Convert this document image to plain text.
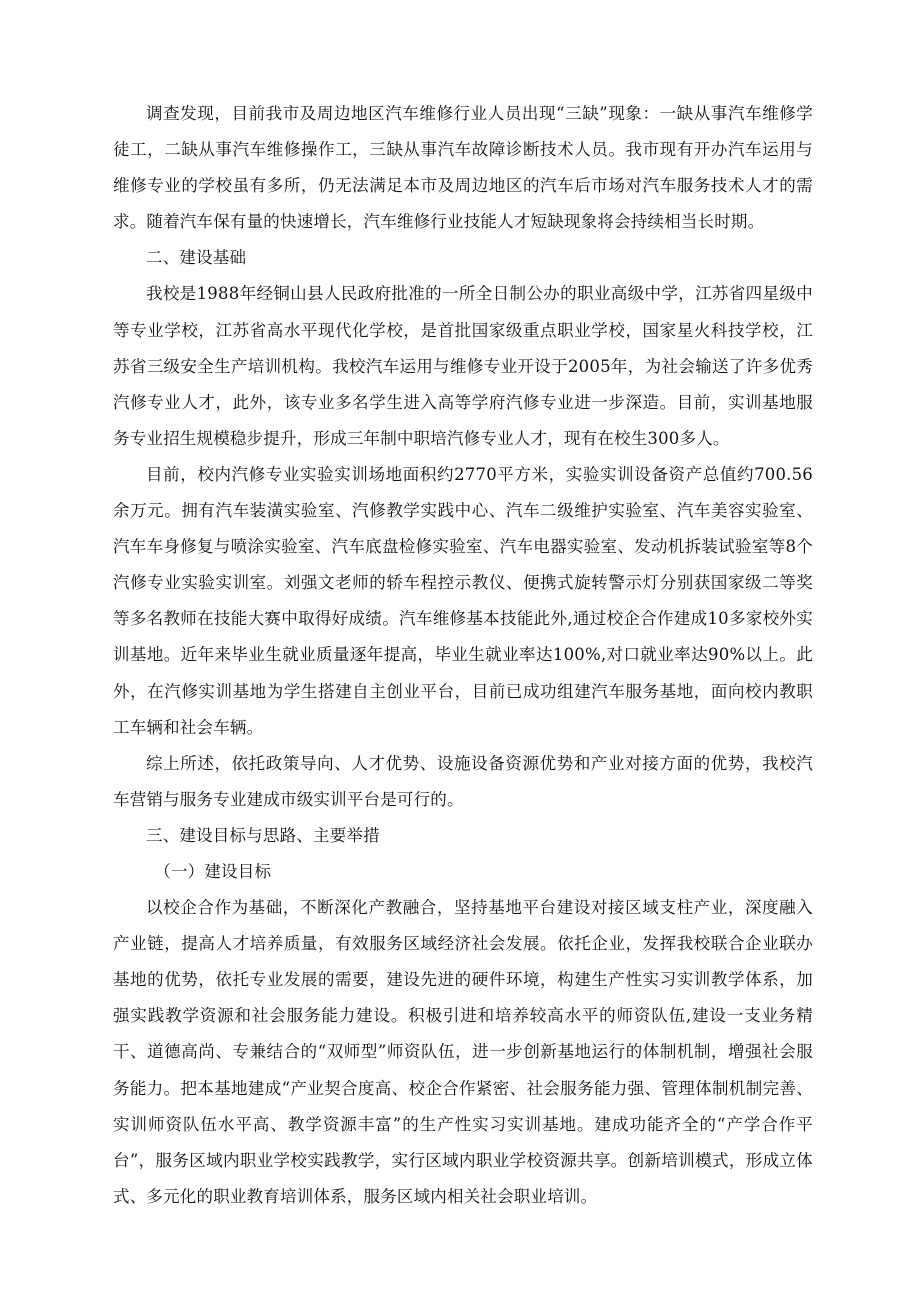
调查发现，目前我市及周边地区汽车维修行业人员出现“三缺”现象：一缺从事汽车维修学徒工，二缺从事汽车维修操作工，三缺从事汽车故障诊断技术人员。我市现有开办汽车运用与维修专业的学校虽有多所，仍无法满足本市及周边地区的汽车后市场对汽车服务技术人才的需求。随着汽车保有量的快速增长，汽车维修行业技能人才短缺现象将会持续相当长时期。

二、建设基础

我校是1988年经铜山县人民政府批准的一所全日制公办的职业高级中学，江苏省四星级中等专业学校，江苏省高水平现代化学校，是首批国家级重点职业学校，国家星火科技学校，江苏省三级安全生产培训机构。我校汽车运用与维修专业开设于2005年，为社会输送了许多优秀汽修专业人才，此外，该专业多名学生进入高等学府汽修专业进一步深造。目前，实训基地服务专业招生规模稳步提升，形成三年制中职培汽修专业人才，现有在校生300多人。

目前，校内汽修专业实验实训场地面积约2770平方米，实验实训设备资产总值约700.56余万元。拥有汽车装潢实验室、汽修教学实践中心、汽车二级维护实验室、汽车美容实验室、汽车车身修复与喷涂实验室、汽车底盘检修实验室、汽车电器实验室、发动机拆装试验室等8个汽修专业实验实训室。刘强文老师的轿车程控示教仪、便携式旋转警示灯分别获国家级二等奖等多名教师在技能大赛中取得好成绩。汽车维修基本技能此外,通过校企合作建成10多家校外实训基地。近年来毕业生就业质量逐年提高，毕业生就业率达100%,对口就业率达90%以上。此外，在汽修实训基地为学生搭建自主创业平台，目前已成功组建汽车服务基地，面向校内教职工车辆和社会车辆。

综上所述，依托政策导向、人才优势、设施设备资源优势和产业对接方面的优势，我校汽车营销与服务专业建成市级实训平台是可行的。

三、建设目标与思路、主要举措
（一）建设目标

以校企合作为基础，不断深化产教融合，坚持基地平台建设对接区域支柱产业，深度融入产业链，提高人才培养质量，有效服务区域经济社会发展。依托企业，发挥我校联合企业联办基地的优势，依托专业发展的需要，建设先进的硬件环境，构建生产性实习实训教学体系，加强实践教学资源和社会服务能力建设。积极引进和培养较高水平的师资队伍,建设一支业务精干、道德高尚、专兼结合的“双师型”师资队伍，进一步创新基地运行的体制机制，增强社会服务能力。把本基地建成“产业契合度高、校企合作紧密、社会服务能力强、管理体制机制完善、实训师资队伍水平高、教学资源丰富”的生产性实习实训基地。建成功能齐全的“产学合作平台”，服务区域内职业学校实践教学，实行区域内职业学校资源共享。创新培训模式，形成立体式、多元化的职业教育培训体系，服务区域内相关社会职业培训。
